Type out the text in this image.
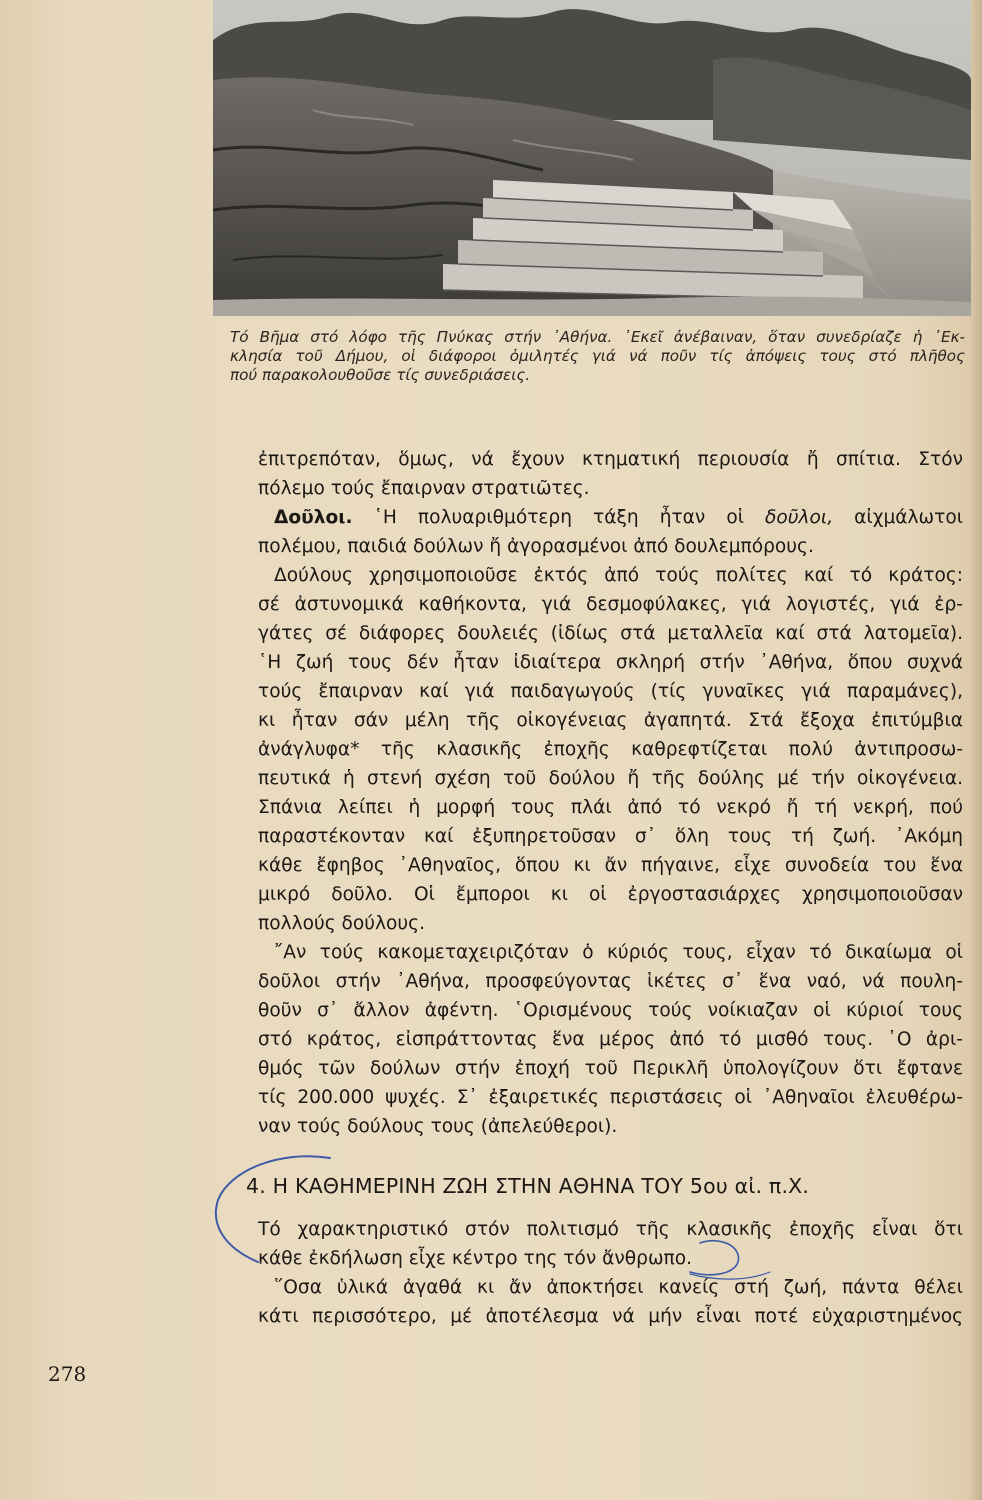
Τό Βῆμα στό λόφο τῆς Πνύκας στήν ᾿Αθήνα. ᾿Εκεῖ ἀνέβαιναν, ὅταν συνεδρίαζε ἡ ᾿Εκ-
κλησία τοῦ Δήμου, οἱ διάφοροι ὁμιλητές γιά νά ποῦν τίς ἀπόψεις τους στό πλῆθος
πού παρακολουθοῦσε τίς συνεδριάσεις.
ἐπιτρεπόταν, ὅμως, νά ἔχουν κτηματική περιουσία ἤ σπίτια. Στόν
πόλεμο τούς ἔπαιρναν στρατιῶτες.
Δοῦλοι. ῾Η πολυαριθμότερη τάξη ἦταν οἱ δοῦλοι, αἰχμάλωτοι
πολέμου, παιδιά δούλων ἤ ἀγορασμένοι ἀπό δουλεμπόρους.
Δούλους χρησιμοποιοῦσε ἐκτός ἀπό τούς πολίτες καί τό κράτος:
σέ ἀστυνομικά καθήκοντα, γιά δεσμοφύλακες, γιά λογιστές, γιά ἐρ-
γάτες σέ διάφορες δουλειές (ἰδίως στά μεταλλεῖα καί στά λατομεῖα).
῾Η ζωή τους δέν ἦταν ἰδιαίτερα σκληρή στήν ᾿Αθήνα, ὅπου συχνά
τούς ἔπαιρναν καί γιά παιδαγωγούς (τίς γυναῖκες γιά παραμάνες),
κι ἦταν σάν μέλη τῆς οἰκογένειας ἀγαπητά. Στά ἔξοχα ἐπιτύμβια
ἀνάγλυφα* τῆς κλασικῆς ἐποχῆς καθρεφτίζεται πολύ ἀντιπροσω-
πευτικά ἡ στενή σχέση τοῦ δούλου ἤ τῆς δούλης μέ τήν οἰκογένεια.
Σπάνια λείπει ἡ μορφή τους πλάι ἀπό τό νεκρό ἤ τή νεκρή, πού
παραστέκονταν καί ἐξυπηρετοῦσαν σ᾿ ὅλη τους τή ζωή. ᾿Ακόμη
κάθε ἔφηβος ᾿Αθηναῖος, ὅπου κι ἄν πήγαινε, εἶχε συνοδεία του ἕνα
μικρό δοῦλο. Οἱ ἔμποροι κι οἱ ἐργοστασιάρχες χρησιμοποιοῦσαν
πολλούς δούλους.
῎Αν τούς κακομεταχειριζόταν ὁ κύριός τους, εἶχαν τό δικαίωμα οἱ
δοῦλοι στήν ᾿Αθήνα, προσφεύγοντας ἱκέτες σ᾿ ἕνα ναό, νά πουλη-
θοῦν σ᾿ ἄλλον ἀφέντη. ῾Ορισμένους τούς νοίκιαζαν οἱ κύριοί τους
στό κράτος, εἰσπράττοντας ἕνα μέρος ἀπό τό μισθό τους. ῾Ο ἀρι-
θμός τῶν δούλων στήν ἐποχή τοῦ Περικλῆ ὑπολογίζουν ὅτι ἔφτανε
τίς 200.000 ψυχές. Σ᾿ ἐξαιρετικές περιστάσεις οἱ ᾿Αθηναῖοι ἐλευθέρω-
ναν τούς δούλους τους (ἀπελεύθεροι).
4. Η ΚΑΘΗΜΕΡΙΝΗ ΖΩΗ ΣΤΗΝ ΑΘΗΝΑ ΤΟΥ 5ου αἰ. π.Χ.
Τό χαρακτηριστικό στόν πολιτισμό τῆς κλασικῆς ἐποχῆς εἶναι ὅτι
κάθε ἐκδήλωση εἶχε κέντρο της τόν ἄνθρωπο.
῞Οσα ὑλικά ἀγαθά κι ἄν ἀποκτήσει κανείς στή ζωή, πάντα θέλει
κάτι περισσότερο, μέ ἀποτέλεσμα νά μήν εἶναι ποτέ εὐχαριστημένος
278
